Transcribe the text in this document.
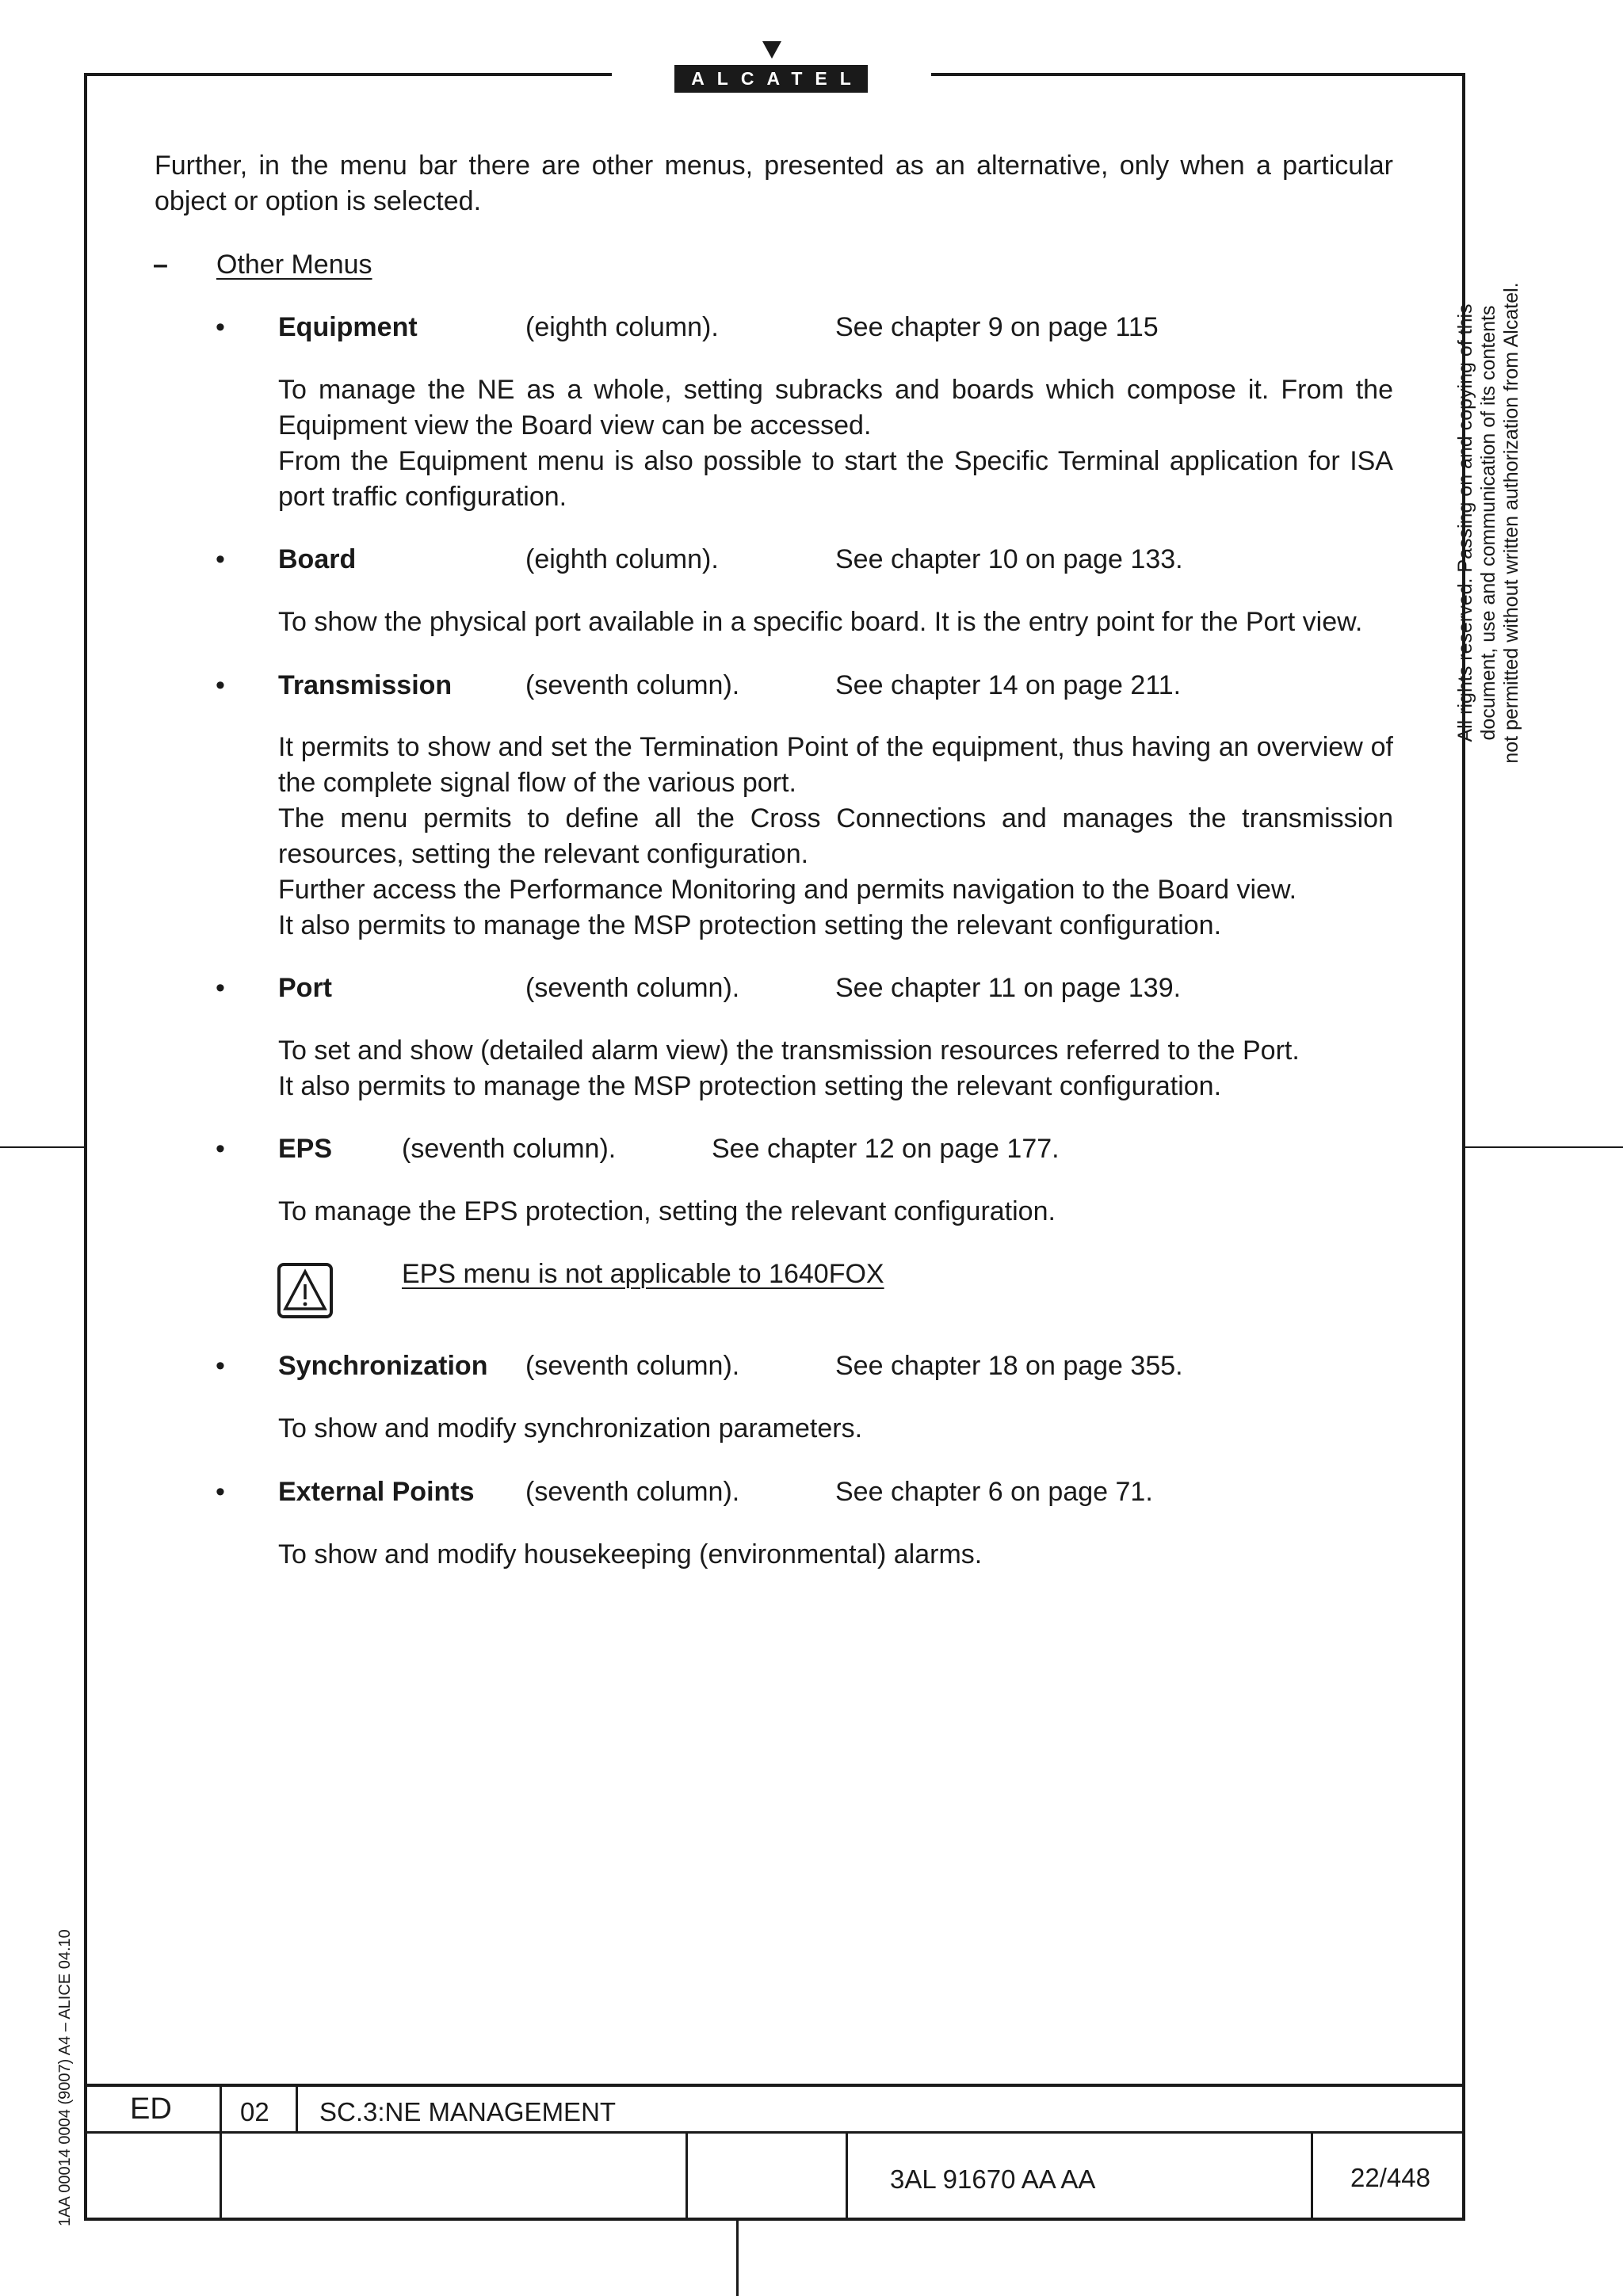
ALCATEL
Further, in the menu bar there are other menus, presented as an alternative, only when a particular object or option is selected.
– Other Menus
• Equipment	(eighth column).	See chapter 9 on page 115
To manage the NE as a whole, setting subracks and boards which compose it. From the Equipment view the Board view can be accessed.
From the Equipment menu is also possible to start the Specific Terminal application for ISA port traffic configuration.
• Board	(eighth column).	See chapter 10 on page 133.
To show the physical port available in a specific board. It is the entry point for the Port view.
• Transmission	(seventh column).	See chapter 14 on page 211.
It permits to show and set the Termination Point of the equipment, thus having an overview of the complete signal flow of the various port.
The menu permits to define all the Cross Connections and manages the transmission resources, setting the relevant configuration.
Further access the Performance Monitoring and permits navigation to the Board view.
It also permits to manage the MSP protection setting the relevant configuration.
• Port	(seventh column).	See chapter 11 on page 139.
To set and show (detailed alarm view) the transmission resources referred to the Port.
It also permits to manage the MSP protection setting the relevant configuration.
• EPS	(seventh column).	See chapter 12 on page 177.
To manage the EPS protection, setting the relevant configuration.
EPS menu is not applicable to 1640FOX
• Synchronization (seventh column).	See chapter 18 on page 355.
To show and modify synchronization parameters.
• External Points (seventh column).	See chapter 6 on page 71.
To show and modify housekeeping (environmental) alarms.
All rights reserved. Passing on and copying of this document, use and communication of its contents not permitted without written authorization from Alcatel.
1AA 00014 0004 (9007) A4 – ALICE 04.10 ED	02 SC.3:NE MANAGEMENT
3AL 91670 AA AA	22/448
